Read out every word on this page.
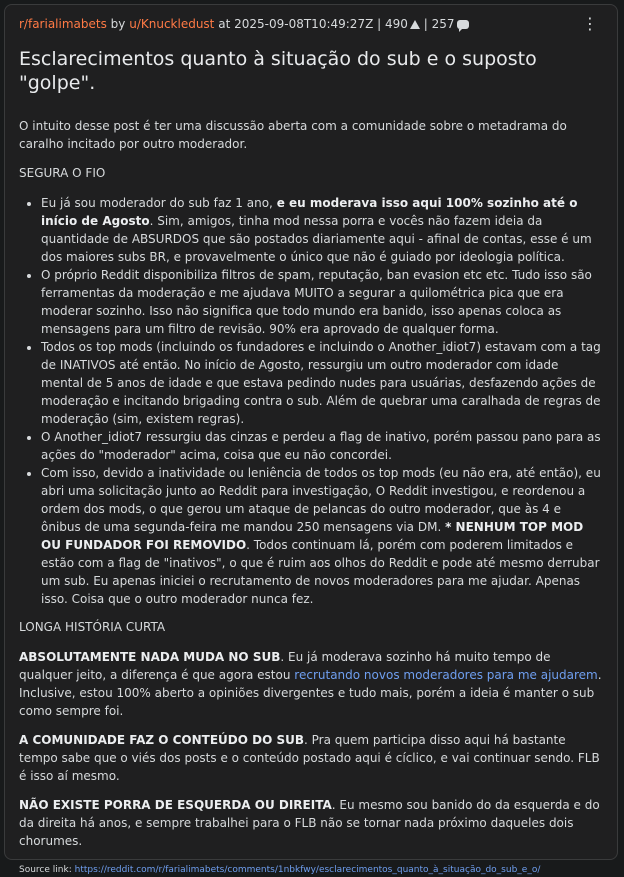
r/farialimabets by u/Knuckledust at 2025-09-08T10:49:27Z | 490 | 257	⋮
Esclarecimentos quanto à situação do sub e o suposto "golpe".

O intuito desse post é ter uma discussão aberta com a comunidade sobre o metadrama do caralho incitado por outro moderador.

SEGURA O FIO

• Eu já sou moderador do sub faz 1 ano, e eu moderava isso aqui 100% sozinho até o início de Agosto. Sim, amigos, tinha mod nessa porra e vocês não fazem ideia da quantidade de ABSURDOS que são postados diariamente aqui - afinal de contas, esse é um dos maiores subs BR, e provavelmente o único que não é guiado por ideologia política.
• O próprio Reddit disponibiliza filtros de spam, reputação, ban evasion etc etc. Tudo isso são ferramentas da moderação e me ajudava MUITO a segurar a quilométrica pica que era moderar sozinho. Isso não significa que todo mundo era banido, isso apenas coloca as mensagens para um filtro de revisão. 90% era aprovado de qualquer forma.
• Todos os top mods (incluindo os fundadores e incluindo o Another_idiot7) estavam com a tag de INATIVOS até então. No início de Agosto, ressurgiu um outro moderador com idade mental de 5 anos de idade e que estava pedindo nudes para usuárias, desfazendo ações de moderação e incitando brigading contra o sub. Além de quebrar uma caralhada de regras de moderação (sim, existem regras).
• O Another_idiot7 ressurgiu das cinzas e perdeu a flag de inativo, porém passou pano para as ações do "moderador" acima, coisa que eu não concordei.
• Com isso, devido a inatividade ou leniência de todos os top mods (eu não era, até então), eu abri uma solicitação junto ao Reddit para investigação, O Reddit investigou, e reordenou a ordem dos mods, o que gerou um ataque de pelancas do outro moderador, que às 4 e ônibus de uma segunda-feira me mandou 250 mensagens via DM. * NENHUM TOP MOD OU FUNDADOR FOI REMOVIDO. Todos continuam lá, porém com poderem limitados e estão com a flag de "inativos", o que é ruim aos olhos do Reddit e pode até mesmo derrubar um sub. Eu apenas iniciei o recrutamento de novos moderadores para me ajudar. Apenas isso. Coisa que o outro moderador nunca fez.

LONGA HISTÓRIA CURTA

ABSOLUTAMENTE NADA MUDA NO SUB. Eu já moderava sozinho há muito tempo de qualquer jeito, a diferença é que agora estou recrutando novos moderadores para me ajudarem. Inclusive, estou 100% aberto a opiniões divergentes e tudo mais, porém a ideia é manter o sub como sempre foi.

A COMUNIDADE FAZ O CONTEÚDO DO SUB. Pra quem participa disso aqui há bastante tempo sabe que o viés dos posts e o conteúdo postado aqui é cíclico, e vai continuar sendo. FLB é isso aí mesmo.

NÃO EXISTE PORRA DE ESQUERDA OU DIREITA. Eu mesmo sou banido do da esquerda e do da direita há anos, e sempre trabalhei para o FLB não se tornar nada próximo daqueles dois chorumes.

Source link: https://reddit.com/r/farialimabets/comments/1nbkfwy/esclarecimentos_quanto_à_situação_do_sub_e_o/
